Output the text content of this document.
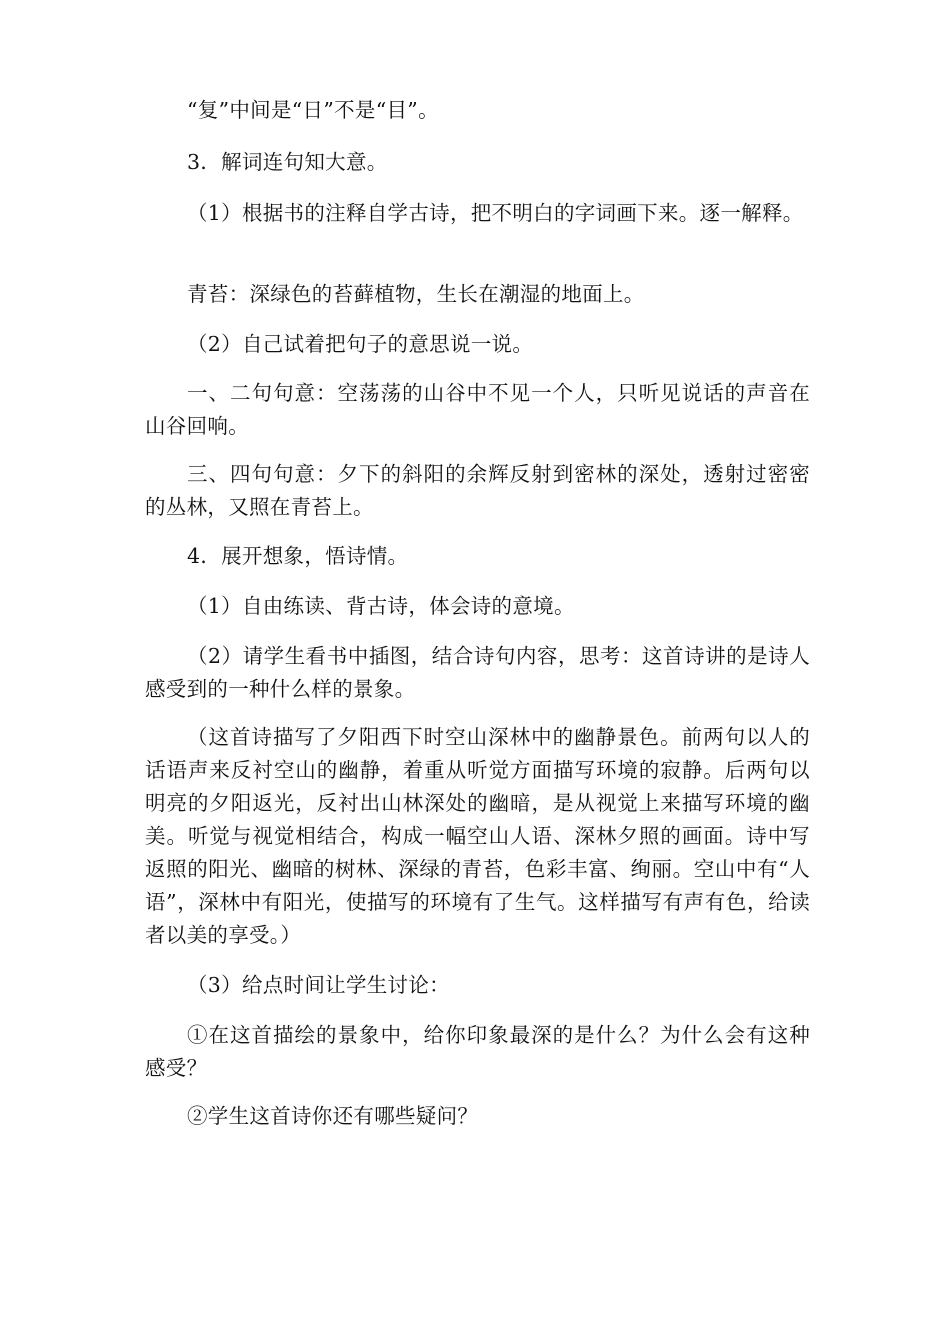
“复”中间是“日”不是“目”。

3．解词连句知大意。

（1）根据书的注释自学古诗，把不明白的字词画下来。逐一解释。

青苔：深绿色的苔藓植物，生长在潮湿的地面上。

（2）自己试着把句子的意思说一说。

一、二句句意：空荡荡的山谷中不见一个人，只听见说话的声音在山谷回响。

三、四句句意：夕下的斜阳的余辉反射到密林的深处，透射过密密的丛林，又照在青苔上。

4．展开想象，悟诗情。

（1）自由练读、背古诗，体会诗的意境。

（2）请学生看书中插图，结合诗句内容，思考：这首诗讲的是诗人感受到的一种什么样的景象。

（这首诗描写了夕阳西下时空山深林中的幽静景色。前两句以人的话语声来反衬空山的幽静，着重从听觉方面描写环境的寂静。后两句以明亮的夕阳返光，反衬出山林深处的幽暗，是从视觉上来描写环境的幽美。听觉与视觉相结合，构成一幅空山人语、深林夕照的画面。诗中写返照的阳光、幽暗的树林、深绿的青苔，色彩丰富、绚丽。空山中有“人语”，深林中有阳光，使描写的环境有了生气。这样描写有声有色，给读者以美的享受。）

（3）给点时间让学生讨论：

①在这首描绘的景象中，给你印象最深的是什么？为什么会有这种感受？

②学生这首诗你还有哪些疑问？
